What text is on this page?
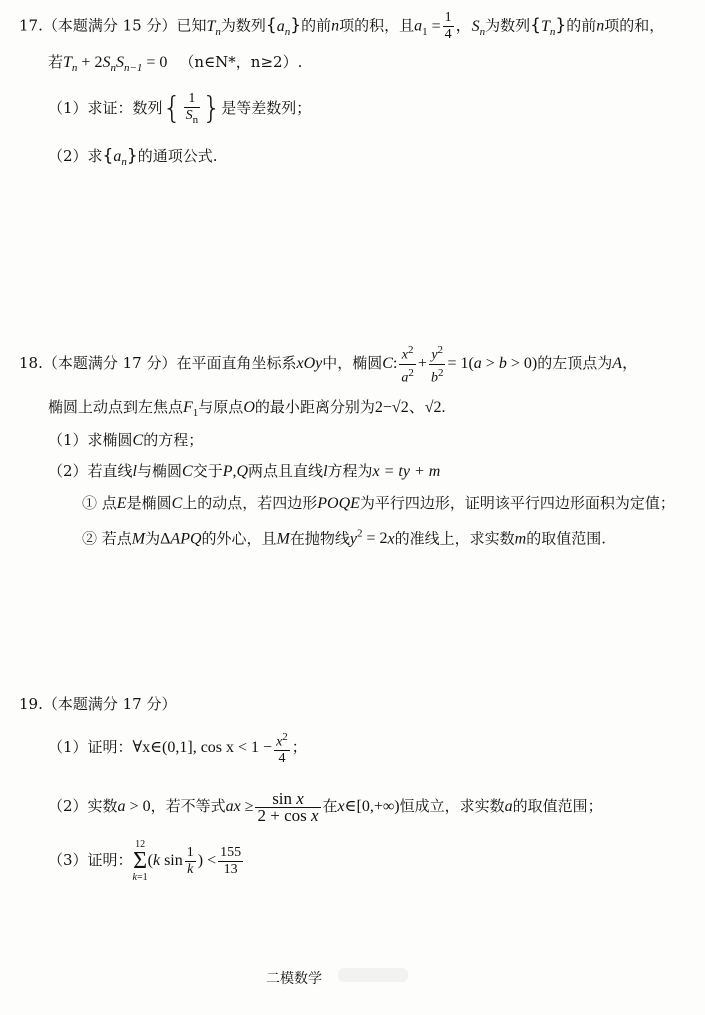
17.（本题满分 15 分）已知$T_n$为数列$\{a_n\}$的前n项的积，且$a_1 = \frac{1}{4}$ ，$S_n$为数列$\{T_n\}$的前n项的和，
若$T_n + 2S_nS_{n-1} = 0$   （n∈N*，n≥2）.
（1）求证：数列{ $\frac{1}{S_n}$ }是等差数列；
（2）求$\{a_n\}$的通项公式.
18.（本题满分 17 分）在平面直角坐标系xOy中，椭圆C: $\frac{x^2}{a^2} + \frac{y^2}{b^2} = 1(a > b > 0)$的左顶点为A，
椭圆上动点到左焦点$F_1$与原点O的最小距离分别为2−√2、√2.
（1）求椭圆C的方程；
（2）若直线l与椭圆C交于P,Q两点且直线l方程为x = ty + m
① 点E是椭圆C上的动点，若四边形POQE为平行四边形，证明该平行四边形面积为定值；
② 若点M为ΔAPQ的外心，且M在抛物线$y^2 = 2x$的准线上，求实数m的取值范围.
19.（本题满分 17 分）
（1）证明：∀x∈(0,1], $\cos x < 1 - \frac{x^2}{4}$ ；
（2）实数a > 0，若不等式ax ≥ $\frac{\text{sin x}}{\text{2 + cos x}}$ 在x∈[0,+∞)恒成立，求实数a的取值范围；
（3）证明：
12
Σ
k=1
(k $\sin \frac{1}{k}$ ) < $\frac{155}{13}$
二模数学
